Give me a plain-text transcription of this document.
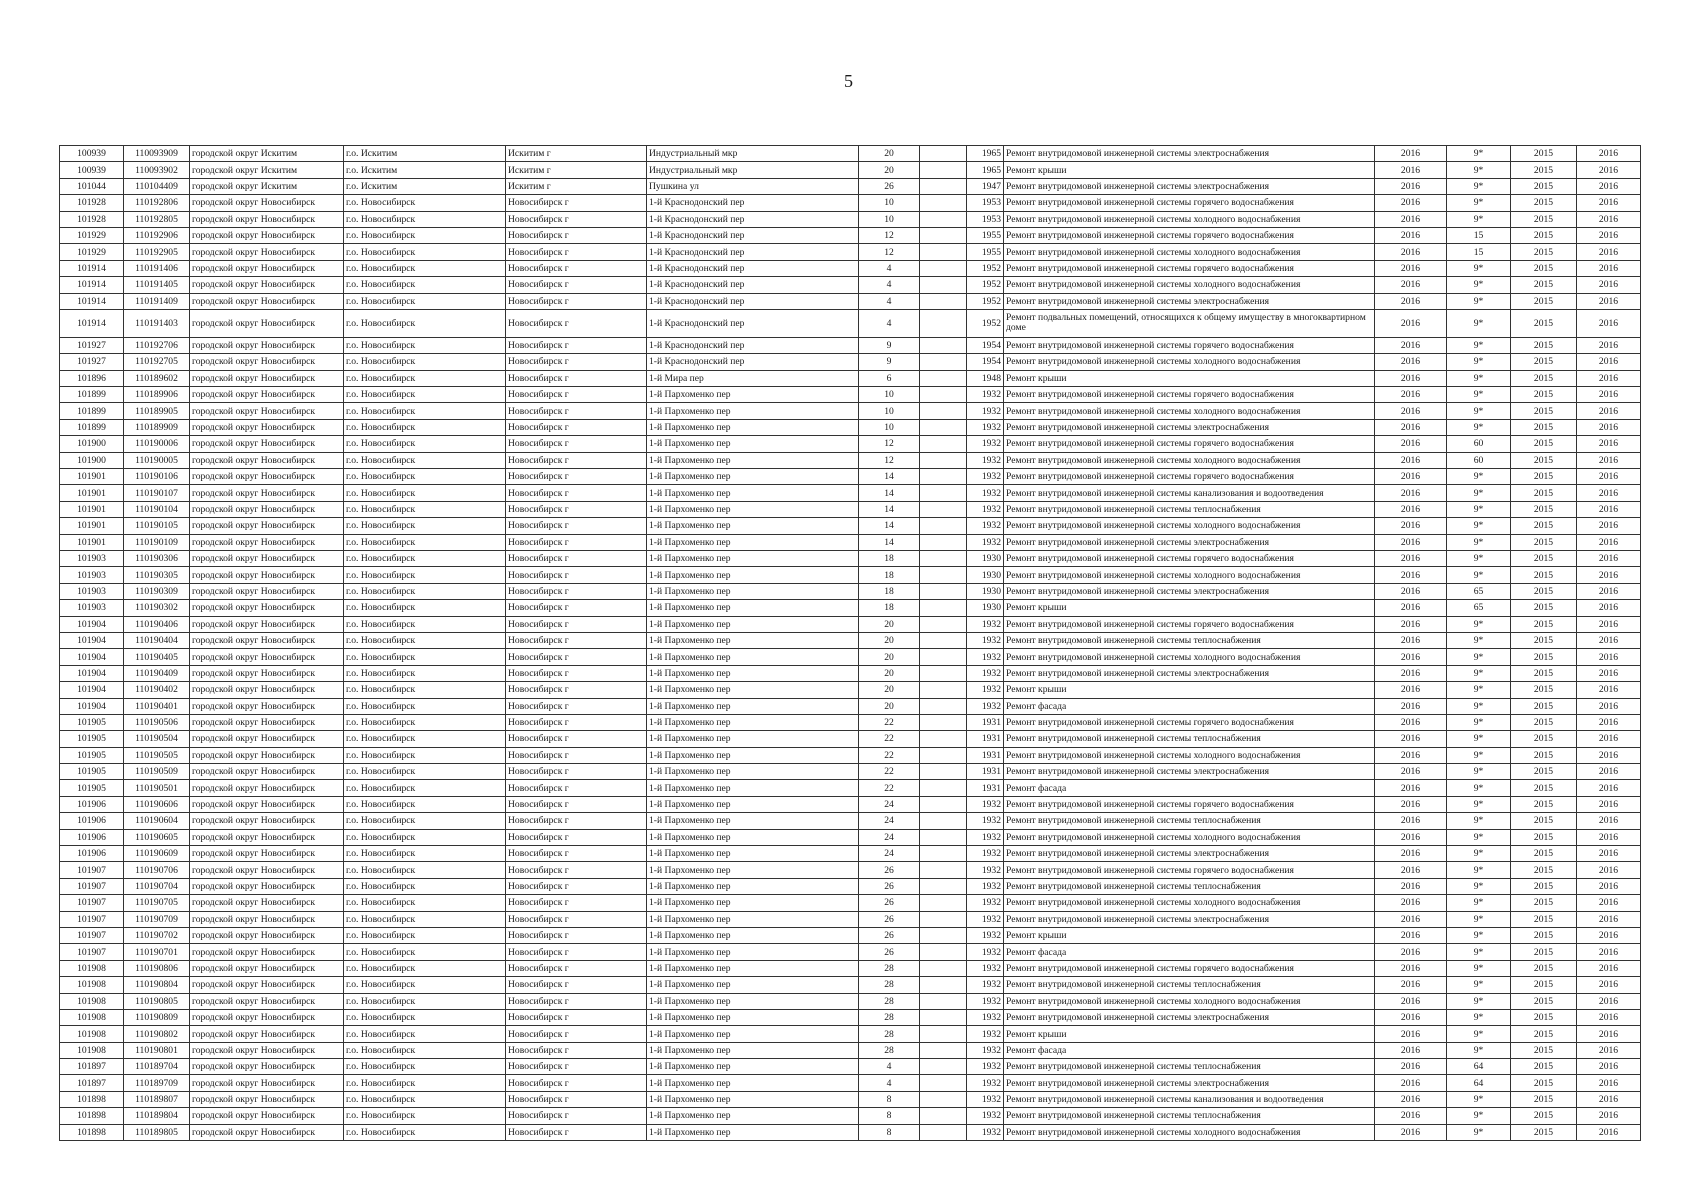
5
100939	110093909	городской округ Искитим	г.о. Искитим	Искитим г	Индустриальный мкр	20		1965	Ремонт внутридомовой инженерной системы электроснабжения	2016	9*	2015	2016
100939	110093902	городской округ Искитим	г.о. Искитим	Искитим г	Индустриальный мкр	20		1965	Ремонт крыши	2016	9*	2015	2016
101044	110104409	городской округ Искитим	г.о. Искитим	Искитим г	Пушкина ул	26		1947	Ремонт внутридомовой инженерной системы электроснабжения	2016	9*	2015	2016
101928	110192806	городской округ Новосибирск	г.о. Новосибирск	Новосибирск г	1-й Краснодонский пер	10		1953	Ремонт внутридомовой инженерной системы горячего водоснабжения	2016	9*	2015	2016
101928	110192805	городской округ Новосибирск	г.о. Новосибирск	Новосибирск г	1-й Краснодонский пер	10		1953	Ремонт внутридомовой инженерной системы холодного водоснабжения	2016	9*	2015	2016
101929	110192906	городской округ Новосибирск	г.о. Новосибирск	Новосибирск г	1-й Краснодонский пер	12		1955	Ремонт внутридомовой инженерной системы горячего водоснабжения	2016	15	2015	2016
101929	110192905	городской округ Новосибирск	г.о. Новосибирск	Новосибирск г	1-й Краснодонский пер	12		1955	Ремонт внутридомовой инженерной системы холодного водоснабжения	2016	15	2015	2016
101914	110191406	городской округ Новосибирск	г.о. Новосибирск	Новосибирск г	1-й Краснодонский пер	4		1952	Ремонт внутридомовой инженерной системы горячего водоснабжения	2016	9*	2015	2016
101914	110191405	городской округ Новосибирск	г.о. Новосибирск	Новосибирск г	1-й Краснодонский пер	4		1952	Ремонт внутридомовой инженерной системы холодного водоснабжения	2016	9*	2015	2016
101914	110191409	городской округ Новосибирск	г.о. Новосибирск	Новосибирск г	1-й Краснодонский пер	4		1952	Ремонт внутридомовой инженерной системы электроснабжения	2016	9*	2015	2016
101914	110191403	городской округ Новосибирск	г.о. Новосибирск	Новосибирск г	1-й Краснодонский пер	4		1952	Ремонт подвальных помещений, относящихся к общему имуществу в многоквартирном доме	2016	9*	2015	2016
101927	110192706	городской округ Новосибирск	г.о. Новосибирск	Новосибирск г	1-й Краснодонский пер	9		1954	Ремонт внутридомовой инженерной системы горячего водоснабжения	2016	9*	2015	2016
101927	110192705	городской округ Новосибирск	г.о. Новосибирск	Новосибирск г	1-й Краснодонский пер	9		1954	Ремонт внутридомовой инженерной системы холодного водоснабжения	2016	9*	2015	2016
101896	110189602	городской округ Новосибирск	г.о. Новосибирск	Новосибирск г	1-й Мира пер	6		1948	Ремонт крыши	2016	9*	2015	2016
101899	110189906	городской округ Новосибирск	г.о. Новосибирск	Новосибирск г	1-й Пархоменко пер	10		1932	Ремонт внутридомовой инженерной системы горячего водоснабжения	2016	9*	2015	2016
101899	110189905	городской округ Новосибирск	г.о. Новосибирск	Новосибирск г	1-й Пархоменко пер	10		1932	Ремонт внутридомовой инженерной системы холодного водоснабжения	2016	9*	2015	2016
101899	110189909	городской округ Новосибирск	г.о. Новосибирск	Новосибирск г	1-й Пархоменко пер	10		1932	Ремонт внутридомовой инженерной системы электроснабжения	2016	9*	2015	2016
101900	110190006	городской округ Новосибирск	г.о. Новосибирск	Новосибирск г	1-й Пархоменко пер	12		1932	Ремонт внутридомовой инженерной системы горячего водоснабжения	2016	60	2015	2016
101900	110190005	городской округ Новосибирск	г.о. Новосибирск	Новосибирск г	1-й Пархоменко пер	12		1932	Ремонт внутридомовой инженерной системы холодного водоснабжения	2016	60	2015	2016
101901	110190106	городской округ Новосибирск	г.о. Новосибирск	Новосибирск г	1-й Пархоменко пер	14		1932	Ремонт внутридомовой инженерной системы горячего водоснабжения	2016	9*	2015	2016
101901	110190107	городской округ Новосибирск	г.о. Новосибирск	Новосибирск г	1-й Пархоменко пер	14		1932	Ремонт внутридомовой инженерной системы канализования и водоотведения	2016	9*	2015	2016
101901	110190104	городской округ Новосибирск	г.о. Новосибирск	Новосибирск г	1-й Пархоменко пер	14		1932	Ремонт внутридомовой инженерной системы теплоснабжения	2016	9*	2015	2016
101901	110190105	городской округ Новосибирск	г.о. Новосибирск	Новосибирск г	1-й Пархоменко пер	14		1932	Ремонт внутридомовой инженерной системы холодного водоснабжения	2016	9*	2015	2016
101901	110190109	городской округ Новосибирск	г.о. Новосибирск	Новосибирск г	1-й Пархоменко пер	14		1932	Ремонт внутридомовой инженерной системы электроснабжения	2016	9*	2015	2016
101903	110190306	городской округ Новосибирск	г.о. Новосибирск	Новосибирск г	1-й Пархоменко пер	18		1930	Ремонт внутридомовой инженерной системы горячего водоснабжения	2016	9*	2015	2016
101903	110190305	городской округ Новосибирск	г.о. Новосибирск	Новосибирск г	1-й Пархоменко пер	18		1930	Ремонт внутридомовой инженерной системы холодного водоснабжения	2016	9*	2015	2016
101903	110190309	городской округ Новосибирск	г.о. Новосибирск	Новосибирск г	1-й Пархоменко пер	18		1930	Ремонт внутридомовой инженерной системы электроснабжения	2016	65	2015	2016
101903	110190302	городской округ Новосибирск	г.о. Новосибирск	Новосибирск г	1-й Пархоменко пер	18		1930	Ремонт крыши	2016	65	2015	2016
101904	110190406	городской округ Новосибирск	г.о. Новосибирск	Новосибирск г	1-й Пархоменко пер	20		1932	Ремонт внутридомовой инженерной системы горячего водоснабжения	2016	9*	2015	2016
101904	110190404	городской округ Новосибирск	г.о. Новосибирск	Новосибирск г	1-й Пархоменко пер	20		1932	Ремонт внутридомовой инженерной системы теплоснабжения	2016	9*	2015	2016
101904	110190405	городской округ Новосибирск	г.о. Новосибирск	Новосибирск г	1-й Пархоменко пер	20		1932	Ремонт внутридомовой инженерной системы холодного водоснабжения	2016	9*	2015	2016
101904	110190409	городской округ Новосибирск	г.о. Новосибирск	Новосибирск г	1-й Пархоменко пер	20		1932	Ремонт внутридомовой инженерной системы электроснабжения	2016	9*	2015	2016
101904	110190402	городской округ Новосибирск	г.о. Новосибирск	Новосибирск г	1-й Пархоменко пер	20		1932	Ремонт крыши	2016	9*	2015	2016
101904	110190401	городской округ Новосибирск	г.о. Новосибирск	Новосибирск г	1-й Пархоменко пер	20		1932	Ремонт фасада	2016	9*	2015	2016
101905	110190506	городской округ Новосибирск	г.о. Новосибирск	Новосибирск г	1-й Пархоменко пер	22		1931	Ремонт внутридомовой инженерной системы горячего водоснабжения	2016	9*	2015	2016
101905	110190504	городской округ Новосибирск	г.о. Новосибирск	Новосибирск г	1-й Пархоменко пер	22		1931	Ремонт внутридомовой инженерной системы теплоснабжения	2016	9*	2015	2016
101905	110190505	городской округ Новосибирск	г.о. Новосибирск	Новосибирск г	1-й Пархоменко пер	22		1931	Ремонт внутридомовой инженерной системы холодного водоснабжения	2016	9*	2015	2016
101905	110190509	городской округ Новосибирск	г.о. Новосибирск	Новосибирск г	1-й Пархоменко пер	22		1931	Ремонт внутридомовой инженерной системы электроснабжения	2016	9*	2015	2016
101905	110190501	городской округ Новосибирск	г.о. Новосибирск	Новосибирск г	1-й Пархоменко пер	22		1931	Ремонт фасада	2016	9*	2015	2016
101906	110190606	городской округ Новосибирск	г.о. Новосибирск	Новосибирск г	1-й Пархоменко пер	24		1932	Ремонт внутридомовой инженерной системы горячего водоснабжения	2016	9*	2015	2016
101906	110190604	городской округ Новосибирск	г.о. Новосибирск	Новосибирск г	1-й Пархоменко пер	24		1932	Ремонт внутридомовой инженерной системы теплоснабжения	2016	9*	2015	2016
101906	110190605	городской округ Новосибирск	г.о. Новосибирск	Новосибирск г	1-й Пархоменко пер	24		1932	Ремонт внутридомовой инженерной системы холодного водоснабжения	2016	9*	2015	2016
101906	110190609	городской округ Новосибирск	г.о. Новосибирск	Новосибирск г	1-й Пархоменко пер	24		1932	Ремонт внутридомовой инженерной системы электроснабжения	2016	9*	2015	2016
101907	110190706	городской округ Новосибирск	г.о. Новосибирск	Новосибирск г	1-й Пархоменко пер	26		1932	Ремонт внутридомовой инженерной системы горячего водоснабжения	2016	9*	2015	2016
101907	110190704	городской округ Новосибирск	г.о. Новосибирск	Новосибирск г	1-й Пархоменко пер	26		1932	Ремонт внутридомовой инженерной системы теплоснабжения	2016	9*	2015	2016
101907	110190705	городской округ Новосибирск	г.о. Новосибирск	Новосибирск г	1-й Пархоменко пер	26		1932	Ремонт внутридомовой инженерной системы холодного водоснабжения	2016	9*	2015	2016
101907	110190709	городской округ Новосибирск	г.о. Новосибирск	Новосибирск г	1-й Пархоменко пер	26		1932	Ремонт внутридомовой инженерной системы электроснабжения	2016	9*	2015	2016
101907	110190702	городской округ Новосибирск	г.о. Новосибирск	Новосибирск г	1-й Пархоменко пер	26		1932	Ремонт крыши	2016	9*	2015	2016
101907	110190701	городской округ Новосибирск	г.о. Новосибирск	Новосибирск г	1-й Пархоменко пер	26		1932	Ремонт фасада	2016	9*	2015	2016
101908	110190806	городской округ Новосибирск	г.о. Новосибирск	Новосибирск г	1-й Пархоменко пер	28		1932	Ремонт внутридомовой инженерной системы горячего водоснабжения	2016	9*	2015	2016
101908	110190804	городской округ Новосибирск	г.о. Новосибирск	Новосибирск г	1-й Пархоменко пер	28		1932	Ремонт внутридомовой инженерной системы теплоснабжения	2016	9*	2015	2016
101908	110190805	городской округ Новосибирск	г.о. Новосибирск	Новосибирск г	1-й Пархоменко пер	28		1932	Ремонт внутридомовой инженерной системы холодного водоснабжения	2016	9*	2015	2016
101908	110190809	городской округ Новосибирск	г.о. Новосибирск	Новосибирск г	1-й Пархоменко пер	28		1932	Ремонт внутридомовой инженерной системы электроснабжения	2016	9*	2015	2016
101908	110190802	городской округ Новосибирск	г.о. Новосибирск	Новосибирск г	1-й Пархоменко пер	28		1932	Ремонт крыши	2016	9*	2015	2016
101908	110190801	городской округ Новосибирск	г.о. Новосибирск	Новосибирск г	1-й Пархоменко пер	28		1932	Ремонт фасада	2016	9*	2015	2016
101897	110189704	городской округ Новосибирск	г.о. Новосибирск	Новосибирск г	1-й Пархоменко пер	4		1932	Ремонт внутридомовой инженерной системы теплоснабжения	2016	64	2015	2016
101897	110189709	городской округ Новосибирск	г.о. Новосибирск	Новосибирск г	1-й Пархоменко пер	4		1932	Ремонт внутридомовой инженерной системы электроснабжения	2016	64	2015	2016
101898	110189807	городской округ Новосибирск	г.о. Новосибирск	Новосибирск г	1-й Пархоменко пер	8		1932	Ремонт внутридомовой инженерной системы канализования и водоотведения	2016	9*	2015	2016
101898	110189804	городской округ Новосибирск	г.о. Новосибирск	Новосибирск г	1-й Пархоменко пер	8		1932	Ремонт внутридомовой инженерной системы теплоснабжения	2016	9*	2015	2016
101898	110189805	городской округ Новосибирск	г.о. Новосибирск	Новосибирск г	1-й Пархоменко пер	8		1932	Ремонт внутридомовой инженерной системы холодного водоснабжения	2016	9*	2015	2016
